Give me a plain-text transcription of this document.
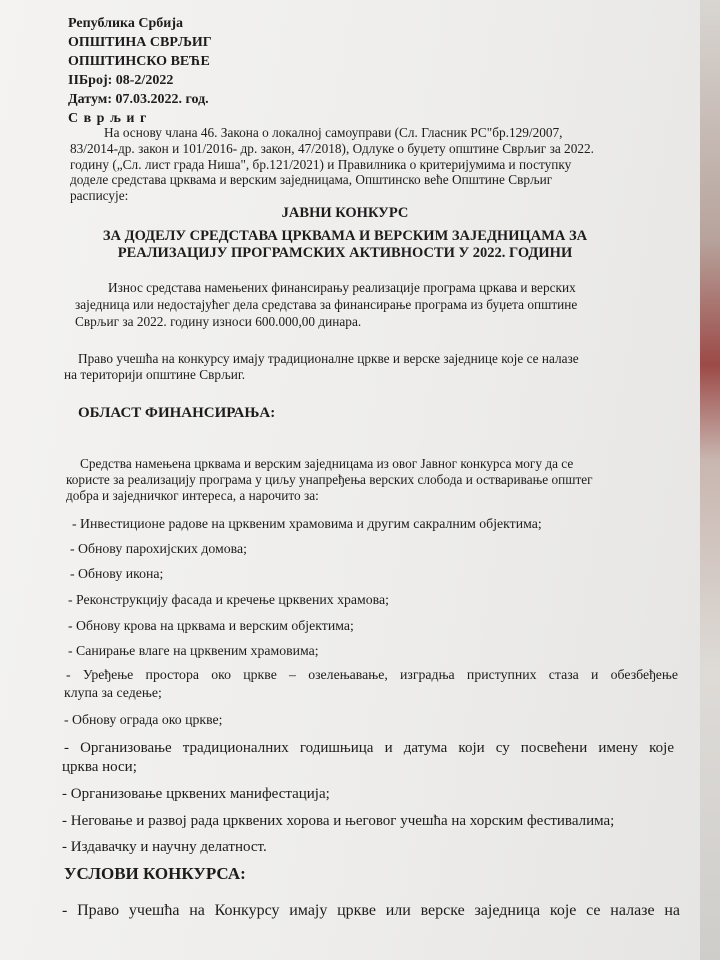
Република Србија
ОПШТИНА СВРЉИГ
ОПШТИНСКО ВЕЋЕ
IIБрој: 08-2/2022
Датум: 07.03.2022. год.
С в р љ и г
На основу члана 46. Закона о локалној самоуправи (Сл. Гласник РС"бр.129/2007,
83/2014-др. закон и 101/2016- др. закон, 47/2018), Одлуке о буџету општине Сврљиг за 2022.
годину („Сл. лист града Ниша", бр.121/2021) и Правилника о критеријумима и поступку
доделе средстава црквама и верским заједницама, Општинско веће Општине Сврљиг
расписује:
ЈАВНИ КОНКУРС
ЗА ДОДЕЛУ СРЕДСТАВА ЦРКВАМА И ВЕРСКИМ ЗАЈЕДНИЦАМА ЗА
РЕАЛИЗАЦИЈУ ПРОГРАМСКИХ АКТИВНОСТИ У 2022. ГОДИНИ
Износ средстава намењених финансирању реализације програма цркава и верских
заједница или недостајућег дела средстава за финансирање програма из буџета општине
Сврљиг за 2022. годину износи 600.000,00 динара.
Право учешћа на конкурсу имају традиционалне цркве и верске заједнице које се налазе
на територији општине Сврљиг.
ОБЛАСТ ФИНАНСИРАЊА:
Средства намењена црквама и верским заједницама из овог Јавног конкурса могу да се
користе за реализацију програма у циљу унапређења верских слобода и остваривање општег
добра и заједничког интереса, а нарочито за:
- Инвестиционе радове на црквеним храмовима и другим сакралним објектима;
- Обнову парохијских домова;
- Обнову икона;
- Реконструкцију фасада и кречење црквених храмова;
- Обнову крова на црквама и верским објектима;
- Санирање влаге на црквеним храмовима;
- Уређење простора око цркве – озелењавање, изградња приступних стаза и обезбеђење
клупа за седење;
- Обнову ограда око цркве;
- Организовање традиционалних годишњица и датума који су посвећени имену које
црква носи;
- Организовање црквених манифестација;
- Неговање и развој рада црквених хорова и његовог учешћа на хорским фестивалима;
- Издавачку и научну делатност.
УСЛОВИ КОНКУРСА:
- Право учешћа на Конкурсу имају цркве или верске заједница које се налазе на
